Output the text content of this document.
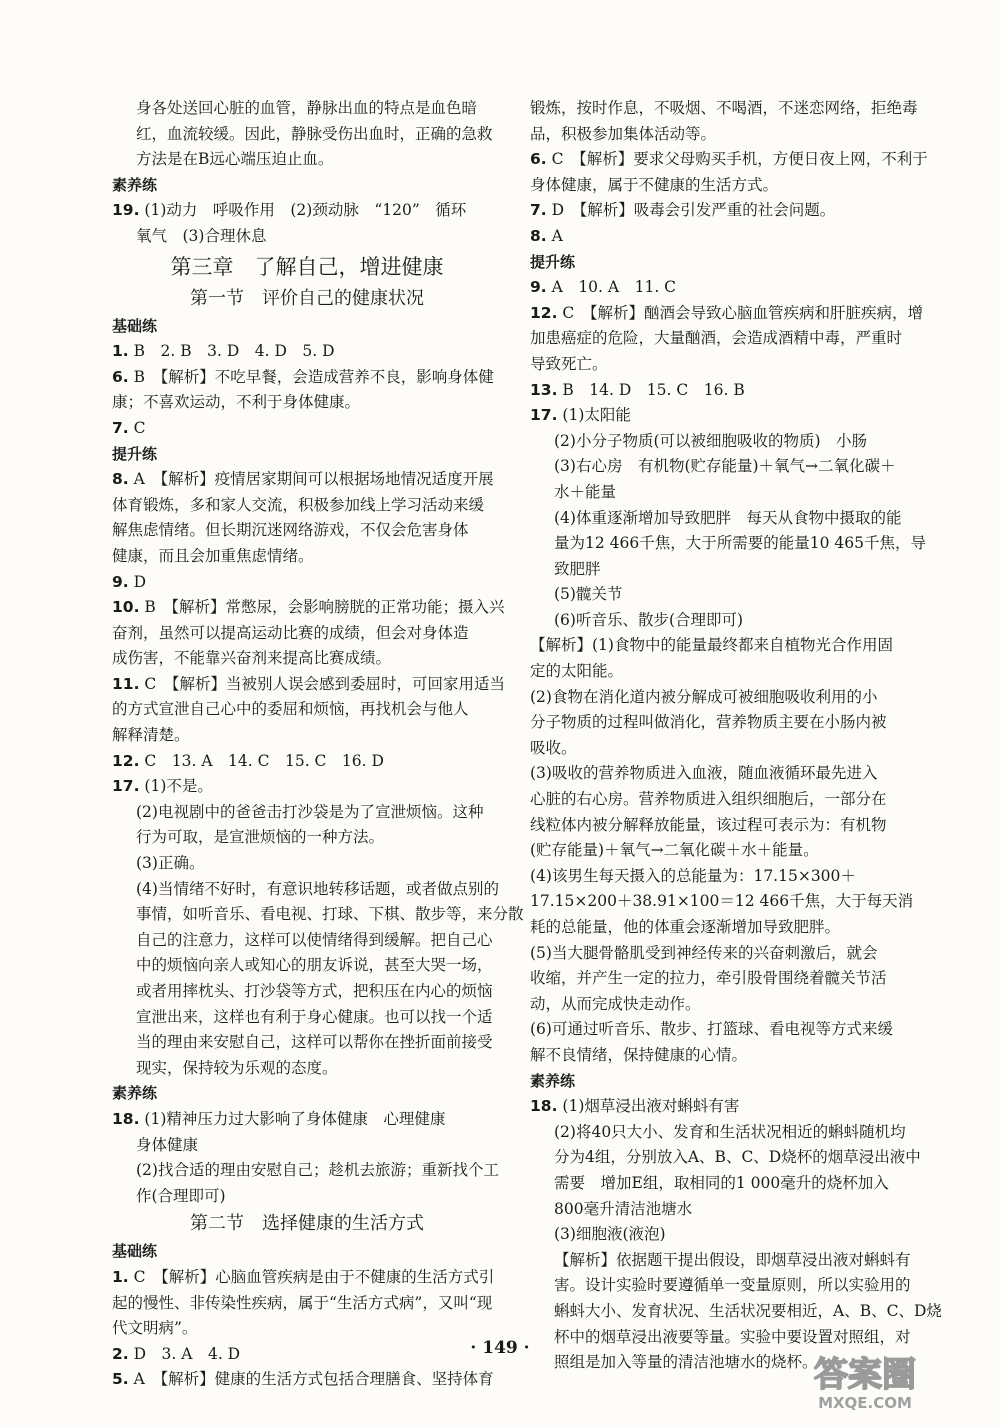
身各处送回心脏的血管，静脉出血的特点是血色暗
红，血流较缓。因此，静脉受伤出血时，正确的急救
方法是在B远心端压迫止血。
素养练
19. (1)动力　呼吸作用　(2)颈动脉　“120”　循环
氧气　(3)合理休息
第三章　了解自己，增进健康
第一节　评价自己的健康状况
基础练
1. B　2. B　3. D　4. D　5. D
6. B　【解析】不吃早餐，会造成营养不良，影响身体健
康；不喜欢运动，不利于身体健康。
7. C
提升练
8. A　【解析】疫情居家期间可以根据场地情况适度开展
体育锻炼，多和家人交流，积极参加线上学习活动来缓
解焦虑情绪。但长期沉迷网络游戏，不仅会危害身体
健康，而且会加重焦虑情绪。
9. D
10. B　【解析】常憋尿，会影响膀胱的正常功能；摄入兴
奋剂，虽然可以提高运动比赛的成绩，但会对身体造
成伤害，不能靠兴奋剂来提高比赛成绩。
11. C　【解析】当被别人误会感到委屈时，可回家用适当
的方式宣泄自己心中的委屈和烦恼，再找机会与他人
解释清楚。
12. C　13. A　14. C　15. C　16. D
17. (1)不是。
(2)电视剧中的爸爸击打沙袋是为了宣泄烦恼。这种
行为可取，是宣泄烦恼的一种方法。
(3)正确。
(4)当情绪不好时，有意识地转移话题，或者做点别的
事情，如听音乐、看电视、打球、下棋、散步等，来分散
自己的注意力，这样可以使情绪得到缓解。把自己心
中的烦恼向亲人或知心的朋友诉说，甚至大哭一场，
或者用摔枕头、打沙袋等方式，把积压在内心的烦恼
宣泄出来，这样也有利于身心健康。也可以找一个适
当的理由来安慰自己，这样可以帮你在挫折面前接受
现实，保持较为乐观的态度。
素养练
18. (1)精神压力过大影响了身体健康　心理健康
身体健康
(2)找合适的理由安慰自己；趁机去旅游；重新找个工
作(合理即可)
第二节　选择健康的生活方式
基础练
1. C　【解析】心脑血管疾病是由于不健康的生活方式引
起的慢性、非传染性疾病，属于“生活方式病”，又叫“现
代文明病”。
2. D　3. A　4. D
5. A　【解析】健康的生活方式包括合理膳食、坚持体育
锻炼，按时作息，不吸烟、不喝酒，不迷恋网络，拒绝毒
品，积极参加集体活动等。
6. C　【解析】要求父母购买手机，方便日夜上网，不利于
身体健康，属于不健康的生活方式。
7. D　【解析】吸毒会引发严重的社会问题。
8. A
提升练
9. A　10. A　11. C
12. C　【解析】酗酒会导致心脑血管疾病和肝脏疾病，增
加患癌症的危险，大量酗酒，会造成酒精中毒，严重时
导致死亡。
13. B　14. D　15. C　16. B
17. (1)太阳能
(2)小分子物质(可以被细胞吸收的物质)　小肠
(3)右心房　有机物(贮存能量)＋氧气→二氧化碳＋
水＋能量
(4)体重逐渐增加导致肥胖　每天从食物中摄取的能
量为12 466千焦，大于所需要的能量10 465千焦，导
致肥胖
(5)髋关节
(6)听音乐、散步(合理即可)
【解析】(1)食物中的能量最终都来自植物光合作用固
定的太阳能。
(2)食物在消化道内被分解成可被细胞吸收利用的小
分子物质的过程叫做消化，营养物质主要在小肠内被
吸收。
(3)吸收的营养物质进入血液，随血液循环最先进入
心脏的右心房。营养物质进入组织细胞后，一部分在
线粒体内被分解释放能量，该过程可表示为：有机物
(贮存能量)＋氧气→二氧化碳＋水＋能量。
(4)该男生每天摄入的总能量为：17.15×300＋
17.15×200＋38.91×100＝12 466千焦，大于每天消
耗的总能量，他的体重会逐渐增加导致肥胖。
(5)当大腿骨骼肌受到神经传来的兴奋刺激后，就会
收缩，并产生一定的拉力，牵引股骨围绕着髋关节活
动，从而完成快走动作。
(6)可通过听音乐、散步、打篮球、看电视等方式来缓
解不良情绪，保持健康的心情。
素养练
18. (1)烟草浸出液对蝌蚪有害
(2)将40只大小、发育和生活状况相近的蝌蚪随机均
分为4组，分别放入A、B、C、D烧杯的烟草浸出液中
需要　增加E组，取相同的1 000毫升的烧杯加入
800毫升清洁池塘水
(3)细胞液(液泡)
【解析】依据题干提出假设，即烟草浸出液对蝌蚪有
害。设计实验时要遵循单一变量原则，所以实验用的
蝌蚪大小、发育状况、生活状况要相近，A、B、C、D烧
杯中的烟草浸出液要等量。实验中要设置对照组，对
照组是加入等量的清洁池塘水的烧杯。
· 149 ·
答案圈
MXQE.COM
